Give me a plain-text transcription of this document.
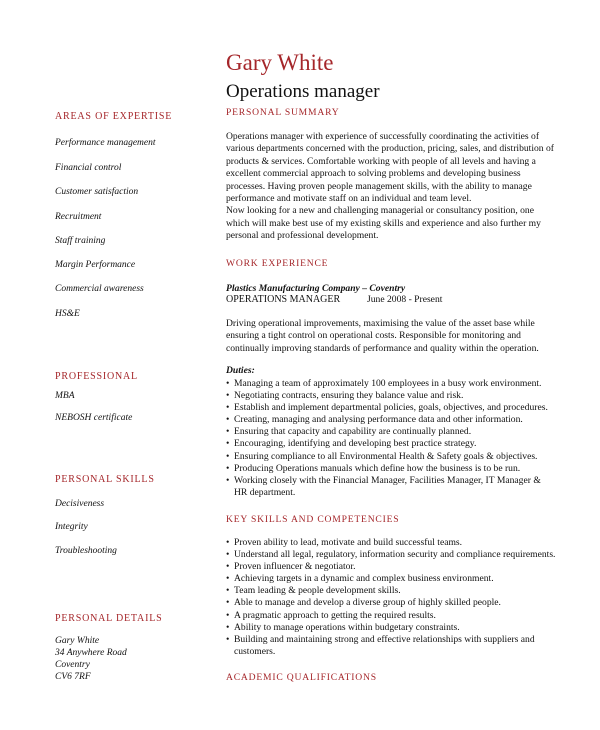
Gary White
Operations manager
AREAS OF EXPERTISE
Performance management
Financial control
Customer satisfaction
Recruitment
Staff training
Margin Performance
Commercial awareness
HS&E
PROFESSIONAL
MBA
NEBOSH certificate
PERSONAL SKILLS
Decisiveness
Integrity
Troubleshooting
PERSONAL DETAILS
Gary White
34 Anywhere Road
Coventry
CV6 7RF
PERSONAL SUMMARY

Operations manager with experience of successfully coordinating the activities of various departments concerned with the production, pricing, sales, and distribution of products & services. Comfortable working with people of all levels and having a excellent commercial approach to solving problems and developing business processes. Having proven people management skills, with the ability to manage performance and motivate staff on an individual and team level.

Now looking for a new and challenging managerial or consultancy position, one which will make best use of my existing skills and experience and also further my personal and professional development.

WORK EXPERIENCE
Plastics Manufacturing Company – Coventry
OPERATIONS MANAGER	June 2008 - Present
Driving operational improvements, maximising the value of the asset base while ensuring a tight control on operational costs. Responsible for monitoring and continually improving standards of performance and quality within the operation.
Duties:
• Managing a team of approximately 100 employees in a busy work environment.
• Negotiating contracts, ensuring they balance value and risk.
• Establish and implement departmental policies, goals, objectives, and procedures.
• Creating, managing and analysing performance data and other information.
• Ensuring that capacity and capability are continually planned.
• Encouraging, identifying and developing best practice strategy.
• Ensuring compliance to all Environmental Health & Safety goals & objectives.
• Producing Operations manuals which define how the business is to be run.
• Working closely with the Financial Manager, Facilities Manager, IT Manager & HR department.
KEY SKILLS AND COMPETENCIES
• Proven ability to lead, motivate and build successful teams.
• Understand all legal, regulatory, information security and compliance requirements.
• Proven influencer & negotiator.
• Achieving targets in a dynamic and complex business environment.
• Team leading & people development skills.
• Able to manage and develop a diverse group of highly skilled people.
• A pragmatic approach to getting the required results.
• Ability to manage operations within budgetary constraints.
• Building and maintaining strong and effective relationships with suppliers and customers.
ACADEMIC QUALIFICATIONS
